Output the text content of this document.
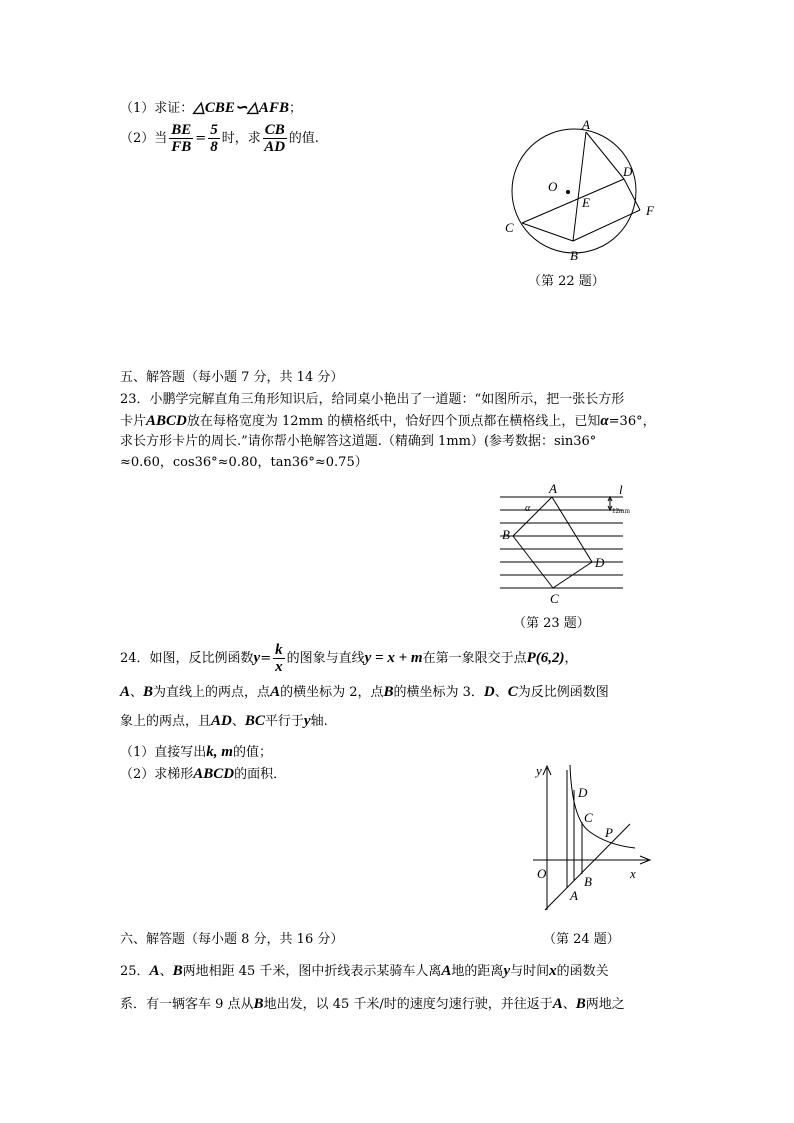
（1）求证：△CBE∽△AFB；
（2）当 $\frac{BE}{FB} = \frac{5}{8}$ 时，求 $\frac{CB}{AD}$ 的值.
A
D
O
E
F
C
B
（第 22 题）
五、解答题（每小题 7 分，共 14 分）
23．小鹏学完解直角三角形知识后，给同桌小艳出了一道题：“如图所示，把一张长方形
卡片ABCD放在每格宽度为 12mm 的横格纸中，恰好四个顶点都在横格线上，已知α=36°，
求长方形卡片的周长.”请你帮小艳解答这道题.（精确到 1mm）(参考数据：sin36°
≈0.60，cos36°≈0.80，tan36°≈0.75）
A	l
α	12mm
B
D
C
（第 23 题）
24．如图，反比例函数$y= \frac{k}{x}$ 的图象与直线y = x + m在第一象限交于点P(6,2)，
A、B为直线上的两点，点A的横坐标为 2，点B的横坐标为 3．D、C为反比例函数图
象上的两点，且AD、BC平行于y轴.
（1）直接写出k, m的值；
（2）求梯形ABCD的面积．	y
D
C
P
O	x
B
A
（第 24 题）
六、解答题（每小题 8 分，共 16 分）
25．A、B两地相距 45 千米，图中折线表示某骑车人离A地的距离y与时间x的函数关
系．有一辆客车 9 点从B地出发，以 45 千米/时的速度匀速行驶，并往返于A、B两地之
